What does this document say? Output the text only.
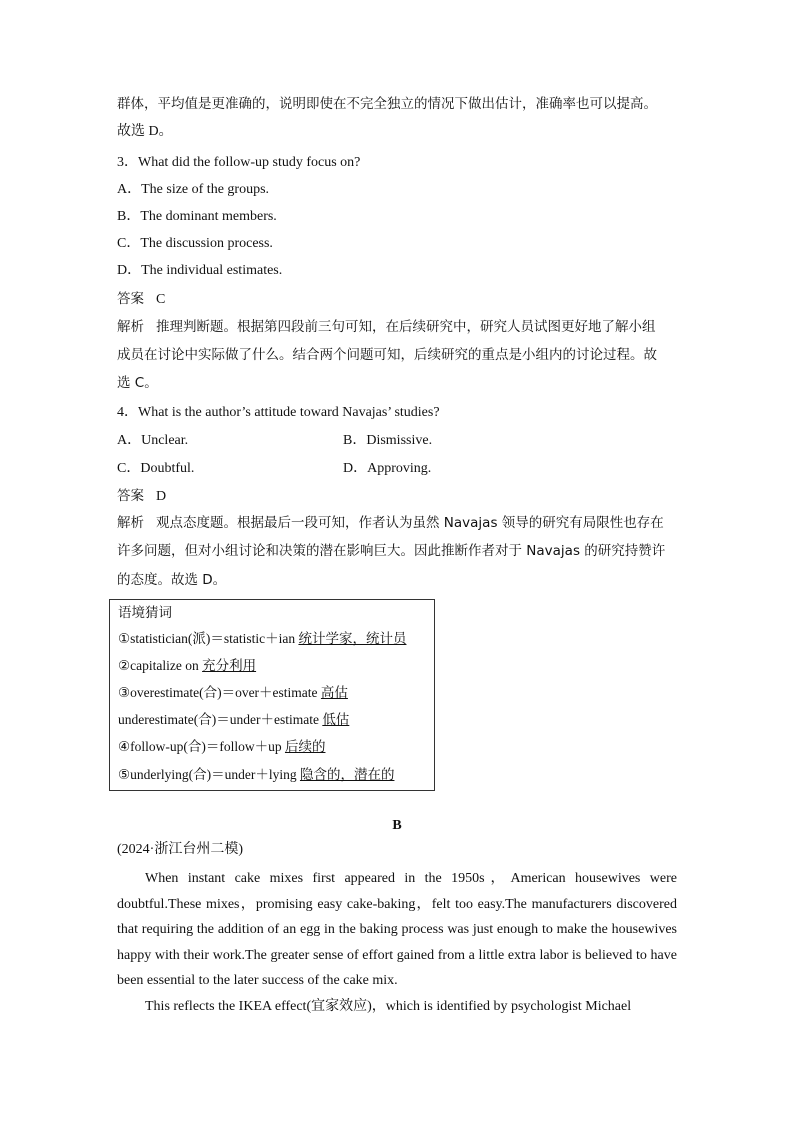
群体，平均值是更准确的，说明即使在不完全独立的情况下做出估计，准确率也可以提高。
故选 D。
3．What did the follow-up study focus on?
A．The size of the groups.
B．The dominant members.
C．The discussion process.
D．The individual estimates.
答案 C
解析 推理判断题。根据第四段前三句可知，在后续研究中，研究人员试图更好地了解小组
成员在讨论中实际做了什么。结合两个问题可知，后续研究的重点是小组内的讨论过程。故
选 C。
4．What is the author’s attitude toward Navajas’ studies?
A．Unclear.	B．Dismissive.
C．Doubtful.	D．Approving.
答案 D
解析 观点态度题。根据最后一段可知，作者认为虽然 Navajas 领导的研究有局限性也存在
许多问题，但对小组讨论和决策的潜在影响巨大。因此推断作者对于 Navajas 的研究持赞许
的态度。故选 D。
语境猜词
①statistician(派)＝statistic＋ian 统计学家，统计员
②capitalize on 充分利用
③overestimate(合)＝over＋estimate 高估
underestimate(合)＝under＋estimate 低估
④follow-up(合)＝follow＋up 后续的
⑤underlying(合)＝under＋lying 隐含的，潜在的
B
(2024·浙江台州二模)
When instant cake mixes first appeared in the 1950s，American housewives were doubtful.These mixes，promising easy cake-baking，felt too easy.The manufacturers discovered that requiring the addition of an egg in the baking process was just enough to make the housewives happy with their work.The greater sense of effort gained from a little extra labor is believed to have been essential to the later success of the cake mix.
This reflects the IKEA effect(宜家效应)，which is identified by psychologist Michael
